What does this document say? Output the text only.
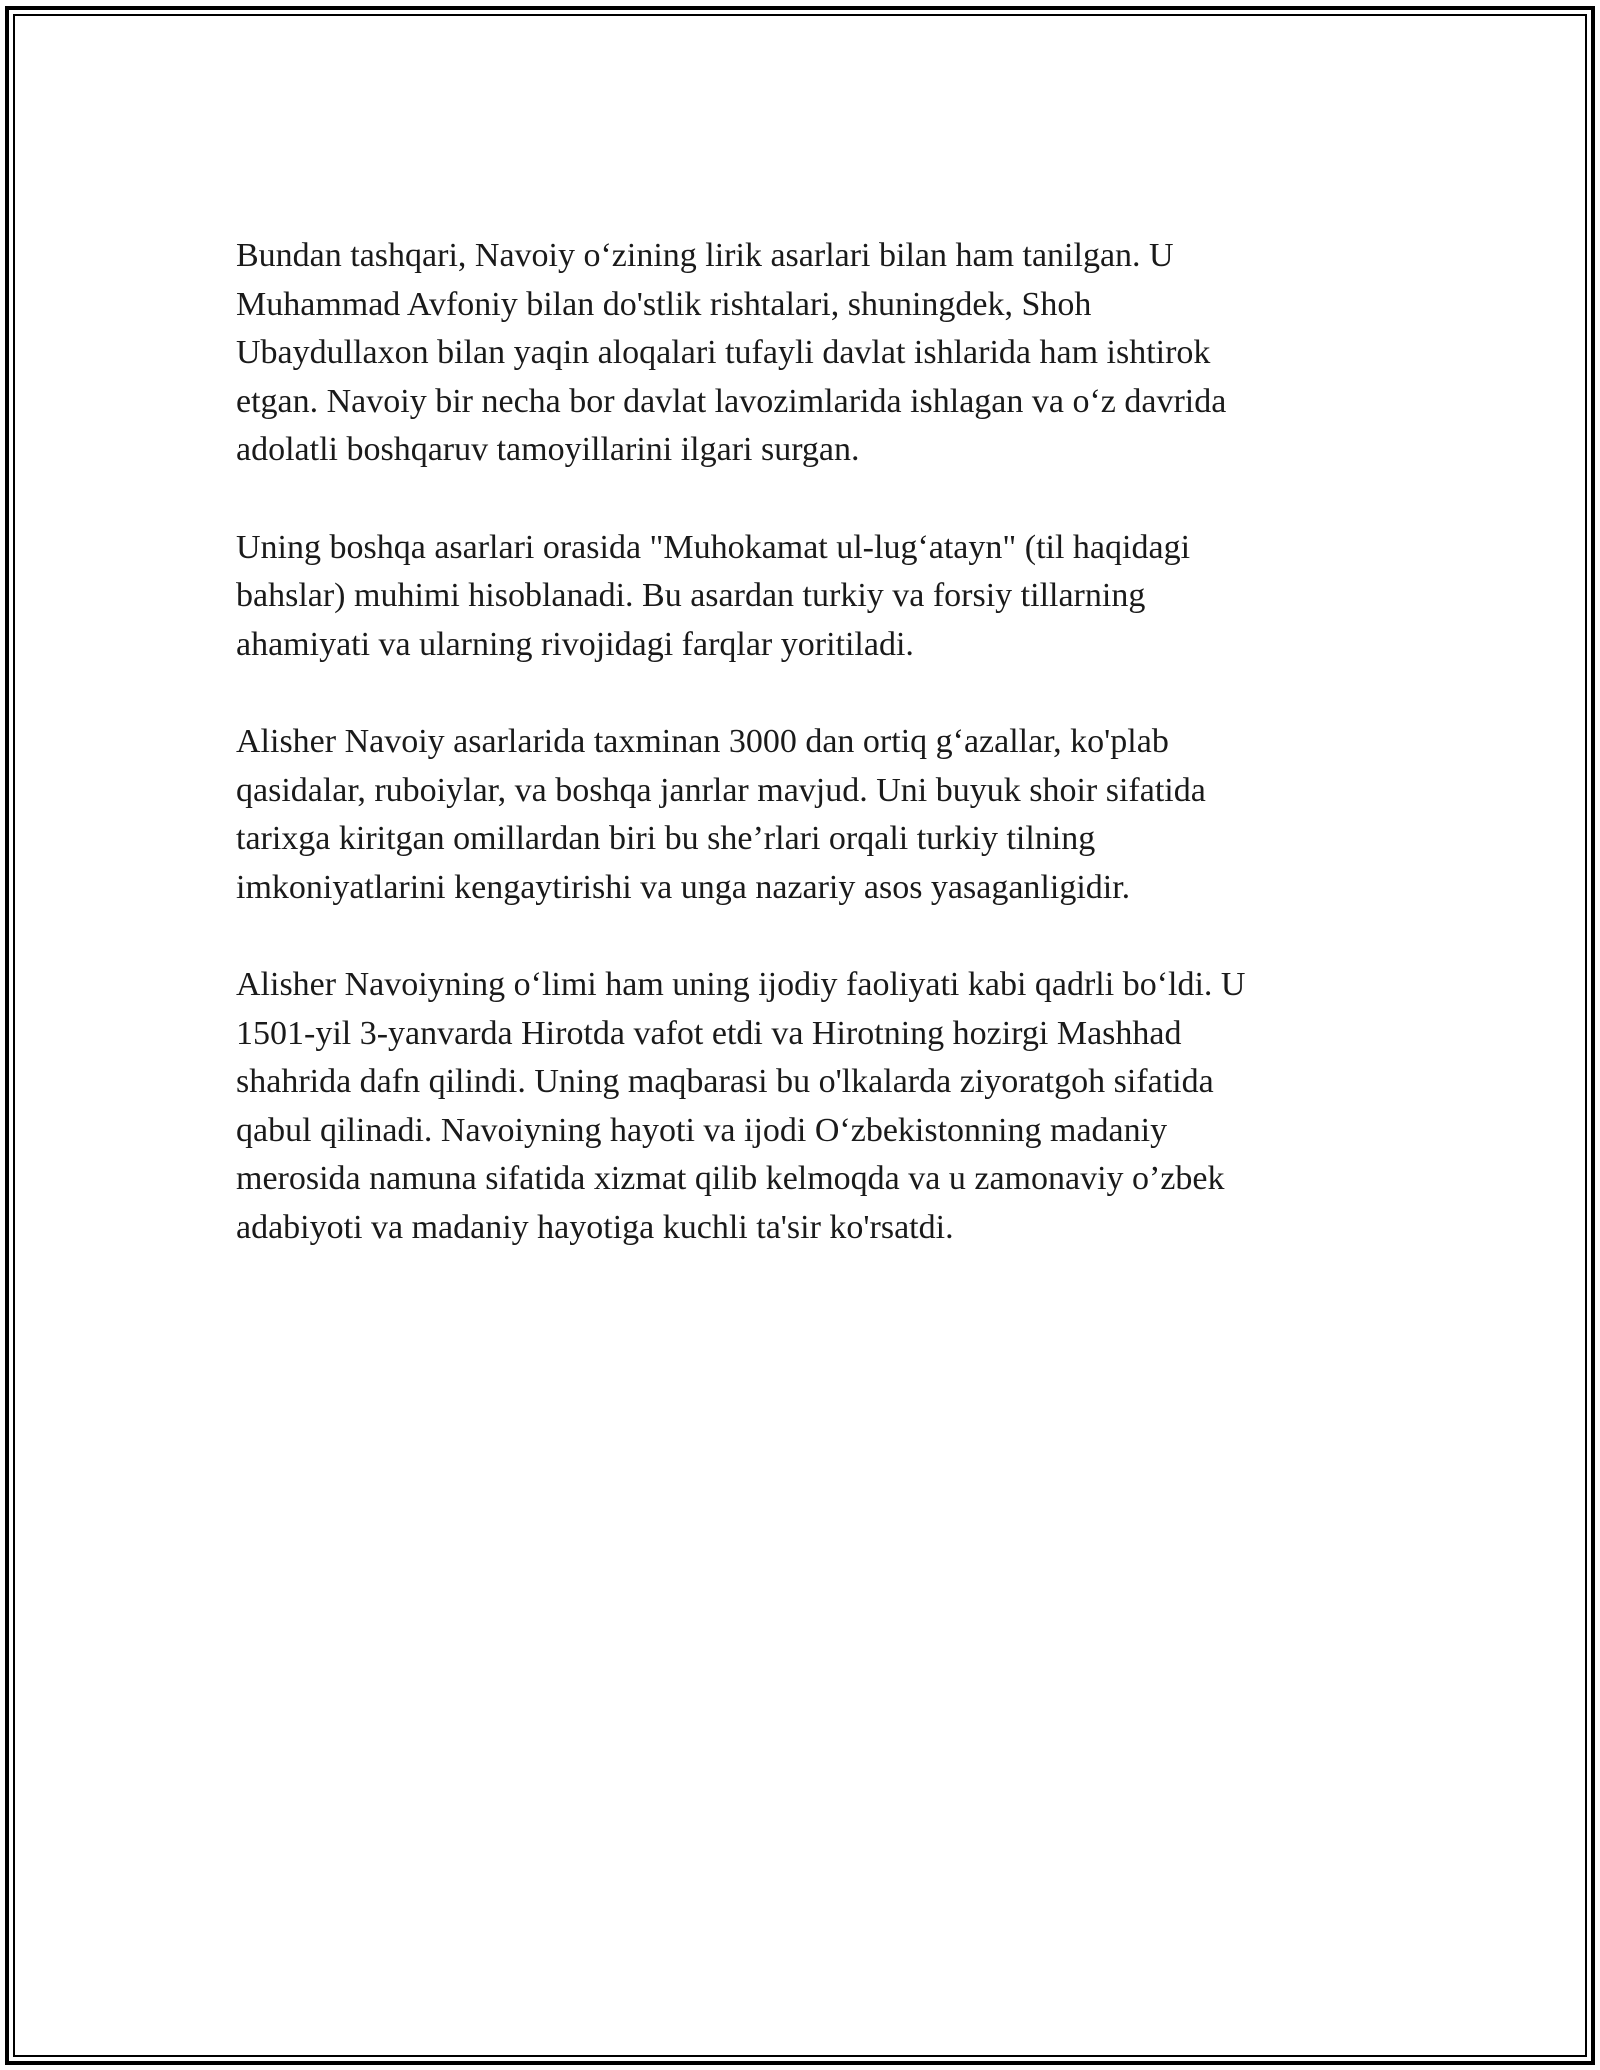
Bundan tashqari, Navoiy o‘zining lirik asarlari bilan ham tanilgan. U
Muhammad Avfoniy bilan do'stlik rishtalari, shuningdek, Shoh
Ubaydullaxon bilan yaqin aloqalari tufayli davlat ishlarida ham ishtirok
etgan. Navoiy bir necha bor davlat lavozimlarida ishlagan va o‘z davrida
adolatli boshqaruv tamoyillarini ilgari surgan.

Uning boshqa asarlari orasida "Muhokamat ul-lug‘atayn" (til haqidagi
bahslar) muhimi hisoblanadi. Bu asardan turkiy va forsiy tillarning
ahamiyati va ularning rivojidagi farqlar yoritiladi.

Alisher Navoiy asarlarida taxminan 3000 dan ortiq g‘azallar, ko'plab
qasidalar, ruboiylar, va boshqa janrlar mavjud. Uni buyuk shoir sifatida
tarixga kiritgan omillardan biri bu she’rlari orqali turkiy tilning
imkoniyatlarini kengaytirishi va unga nazariy asos yasaganligidir.

Alisher Navoiyning o‘limi ham uning ijodiy faoliyati kabi qadrli bo‘ldi. U
1501-yil 3-yanvarda Hirotda vafot etdi va Hirotning hozirgi Mashhad
shahrida dafn qilindi. Uning maqbarasi bu o'lkalarda ziyoratgoh sifatida
qabul qilinadi. Navoiyning hayoti va ijodi O‘zbekistonning madaniy
merosida namuna sifatida xizmat qilib kelmoqda va u zamonaviy o’zbek
adabiyoti va madaniy hayotiga kuchli ta'sir ko'rsatdi.
